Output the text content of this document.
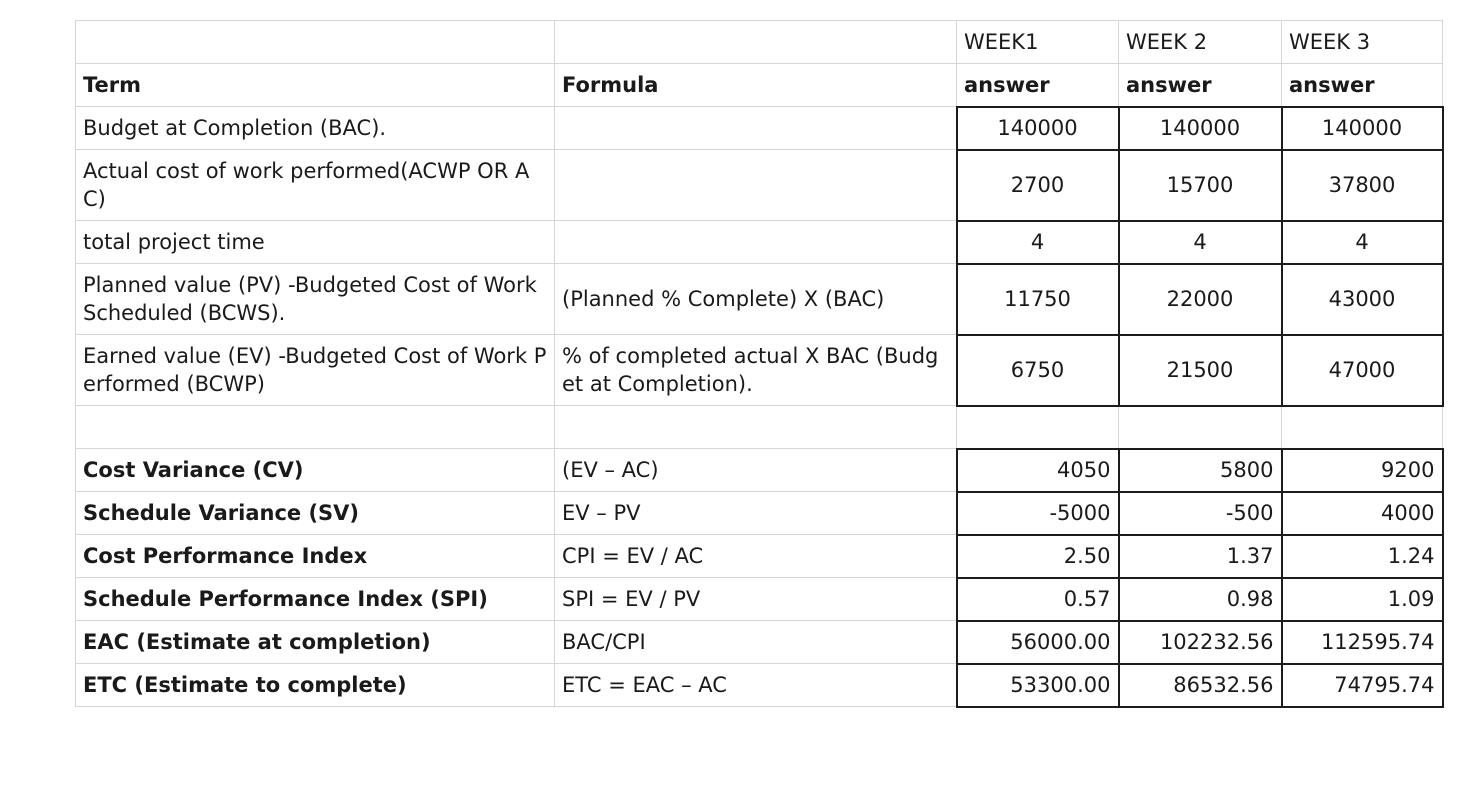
		WEEK1	WEEK 2	WEEK 3
Term	Formula	answer	answer	answer
Budget at Completion (BAC).		140000	140000	140000
Actual cost of work performed(ACWP OR AC)		2700	15700	37800
total project time		4	4	4
Planned value (PV) -Budgeted Cost of Work Scheduled (BCWS).	(Planned % Complete) X (BAC)	11750	22000	43000
Earned value (EV) -Budgeted Cost of Work Performed (BCWP)	% of completed actual X BAC (Budget at Completion).	6750	21500	47000

Cost Variance (CV)	(EV – AC)	4050	5800	9200
Schedule Variance (SV)	EV – PV	-5000	-500	4000
Cost Performance Index	CPI = EV / AC	2.50	1.37	1.24
Schedule Performance Index (SPI)	SPI = EV / PV	0.57	0.98	1.09
EAC (Estimate at completion)	BAC/CPI	56000.00	102232.56	112595.74
ETC (Estimate to complete)	ETC = EAC – AC	53300.00	86532.56	74795.74
